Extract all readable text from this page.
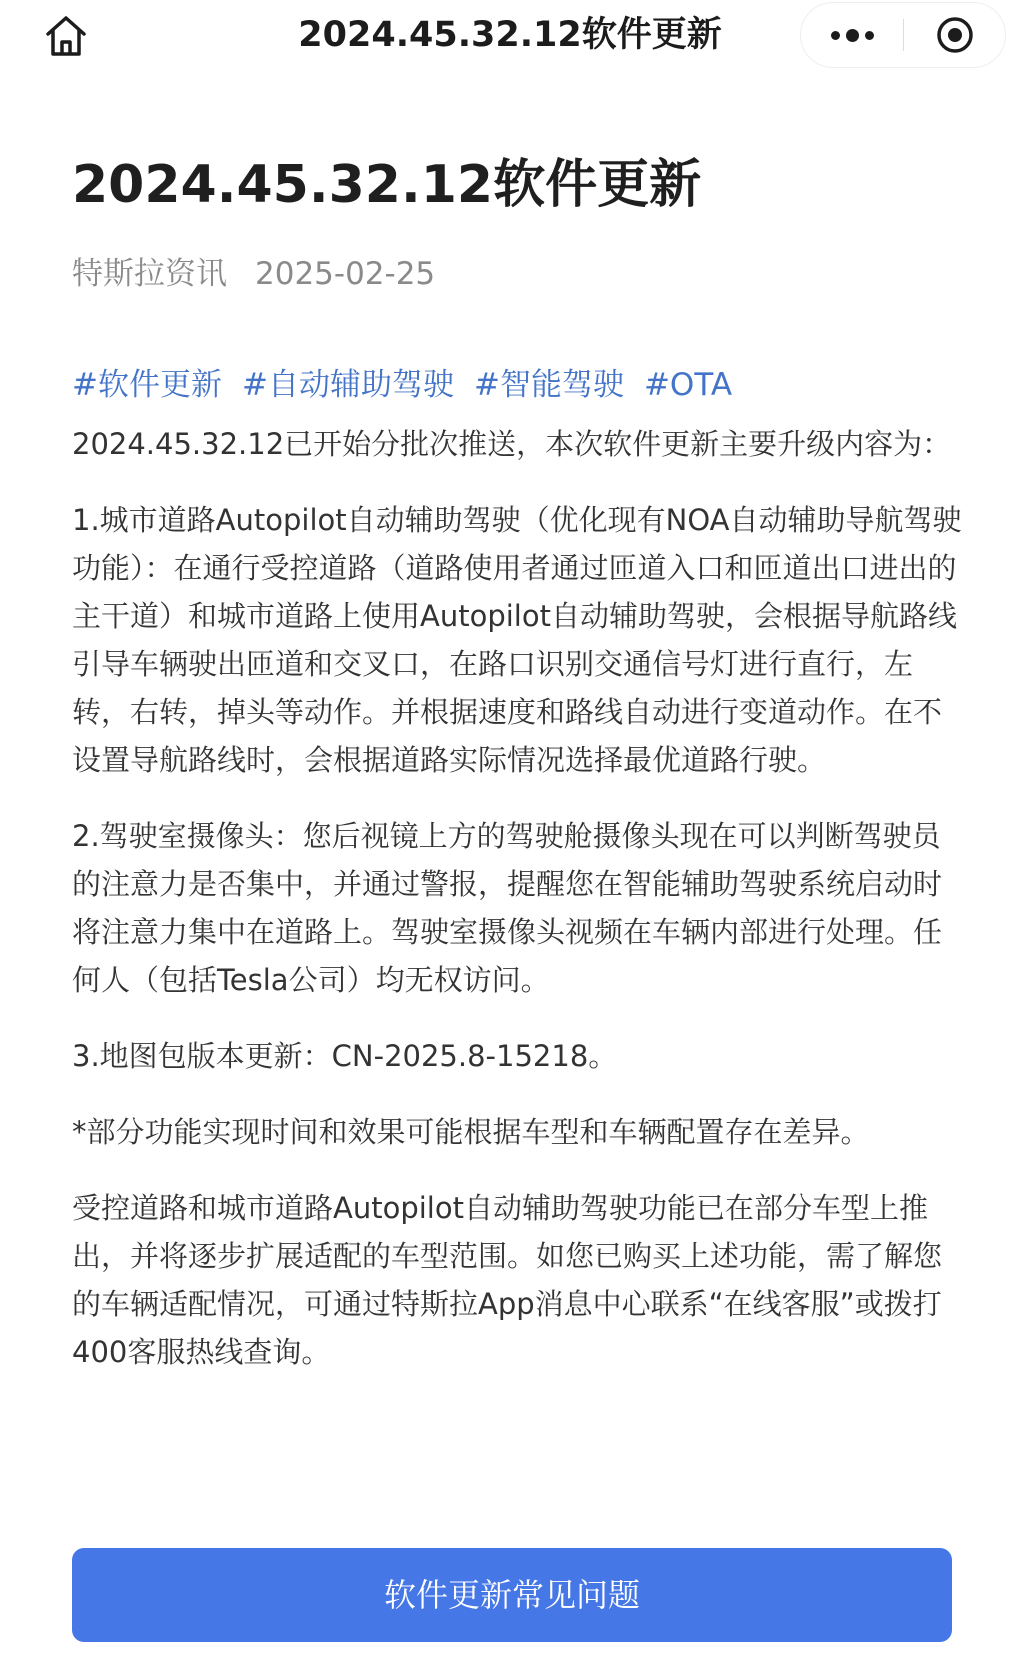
2024.45.32.12软件更新
2024.45.32.12软件更新
特斯拉资讯 2025-02-25
#软件更新 #自动辅助驾驶 #智能驾驶 #OTA

2024.45.32.12已开始分批次推送，本次软件更新主要升级内容为：

1.城市道路Autopilot自动辅助驾驶（优化现有NOA自动辅助导航驾驶功能）：在通行受控道路（道路使用者通过匝道入口和匝道出口进出的主干道）和城市道路上使用Autopilot自动辅助驾驶，会根据导航路线引导车辆驶出匝道和交叉口，在路口识别交通信号灯进行直行，左转，右转，掉头等动作。并根据速度和路线自动进行变道动作。在不设置导航路线时，会根据道路实际情况选择最优道路行驶。

2.驾驶室摄像头：您后视镜上方的驾驶舱摄像头现在可以判断驾驶员的注意力是否集中，并通过警报，提醒您在智能辅助驾驶系统启动时将注意力集中在道路上。驾驶室摄像头视频在车辆内部进行处理。任何人（包括Tesla公司）均无权访问。

3.地图包版本更新：CN-2025.8-15218。

*部分功能实现时间和效果可能根据车型和车辆配置存在差异。

受控道路和城市道路Autopilot自动辅助驾驶功能已在部分车型上推出，并将逐步扩展适配的车型范围。如您已购买上述功能，需了解您的车辆适配情况，可通过特斯拉App消息中心联系“在线客服”或拨打400客服热线查询。

软件更新常见问题
